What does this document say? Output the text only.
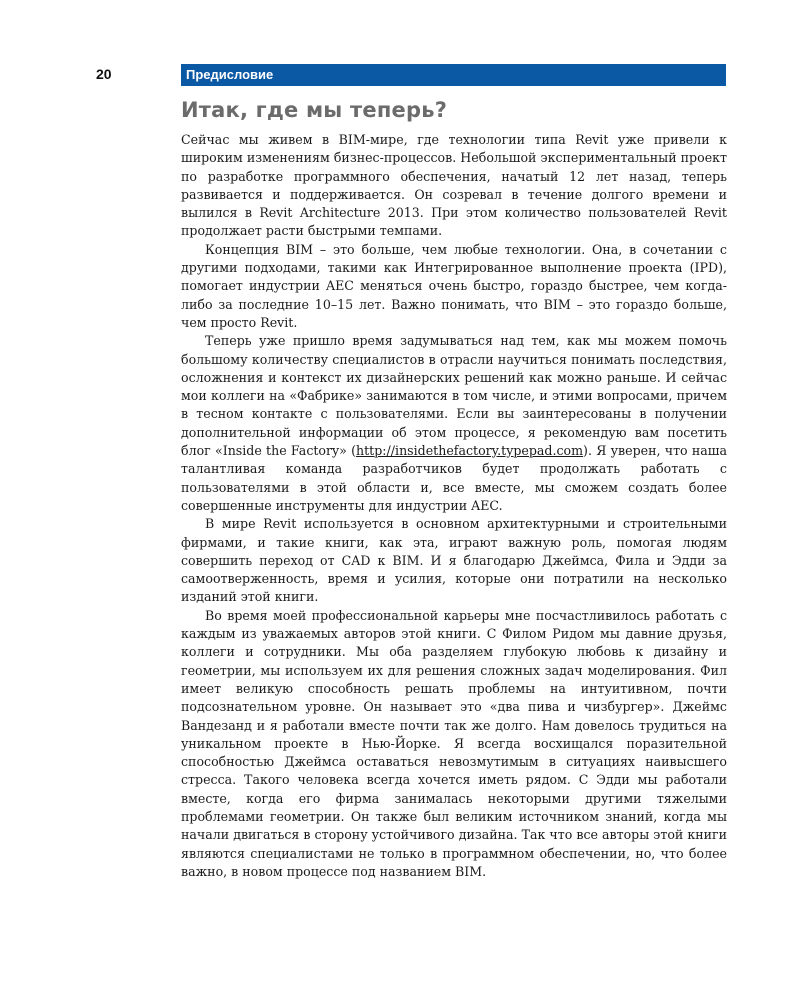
20	Предисловие
Итак, где мы теперь?

Сейчас мы живем в BIM-мире, где технологии типа Revit уже привели к широким изменениям бизнес-процессов. Небольшой экспериментальный проект по разработке программного обеспечения, начатый 12 лет назад, теперь развивается и поддерживается. Он созревал в течение долгого времени и вылился в Revit Architecture 2013. При этом количество пользователей Revit продолжает расти быстрыми темпами.

Концепция BIM – это больше, чем любые технологии. Она, в сочетании с другими подходами, такими как Интегрированное выполнение проекта (IPD), помогает индустрии AEC меняться очень быстро, гораздо быстрее, чем когда-либо за последние 10–15 лет. Важно понимать, что BIM – это гораздо больше, чем просто Revit.

Теперь уже пришло время задумываться над тем, как мы можем помочь большому количеству специалистов в отрасли научиться понимать последствия, осложнения и контекст их дизайнерских решений как можно раньше. И сейчас мои коллеги на «Фабрике» занимаются в том числе, и этими вопросами, причем в тесном контакте с пользователями. Если вы заинтересованы в получении дополнительной информации об этом процессе, я рекомендую вам посетить блог «Inside the Factory» (http://insidethefactory.typepad.com). Я уверен, что наша талантливая команда разработчиков будет продолжать работать с пользователями в этой области и, все вместе, мы сможем создать более совершенные инструменты для индустрии AEC.

В мире Revit используется в основном архитектурными и строительными фирмами, и такие книги, как эта, играют важную роль, помогая людям совершить переход от CAD к BIM. И я благодарю Джеймса, Фила и Эдди за самоотверженность, время и усилия, которые они потратили на несколько изданий этой книги.

Во время моей профессиональной карьеры мне посчастливилось работать с каждым из уважаемых авторов этой книги. С Филом Ридом мы давние друзья, коллеги и сотрудники. Мы оба разделяем глубокую любовь к дизайну и геометрии, мы используем их для решения сложных задач моделирования. Фил имеет великую способность решать проблемы на интуитивном, почти подсознательном уровне. Он называет это «два пива и чизбургер». Джеймс Вандезанд и я работали вместе почти так же долго. Нам довелось трудиться на уникальном проекте в Нью-Йорке. Я всегда восхищался поразительной способностью Джеймса оставаться невозмутимым в ситуациях наивысшего стресса. Такого человека всегда хочется иметь рядом. С Эдди мы работали вместе, когда его фирма занималась некоторыми другими тяжелыми проблемами геометрии. Он также был великим источником знаний, когда мы начали двигаться в сторону устойчивого дизайна. Так что все авторы этой книги являются специалистами не только в программном обеспечении, но, что более важно, в новом процессе под названием BIM.
